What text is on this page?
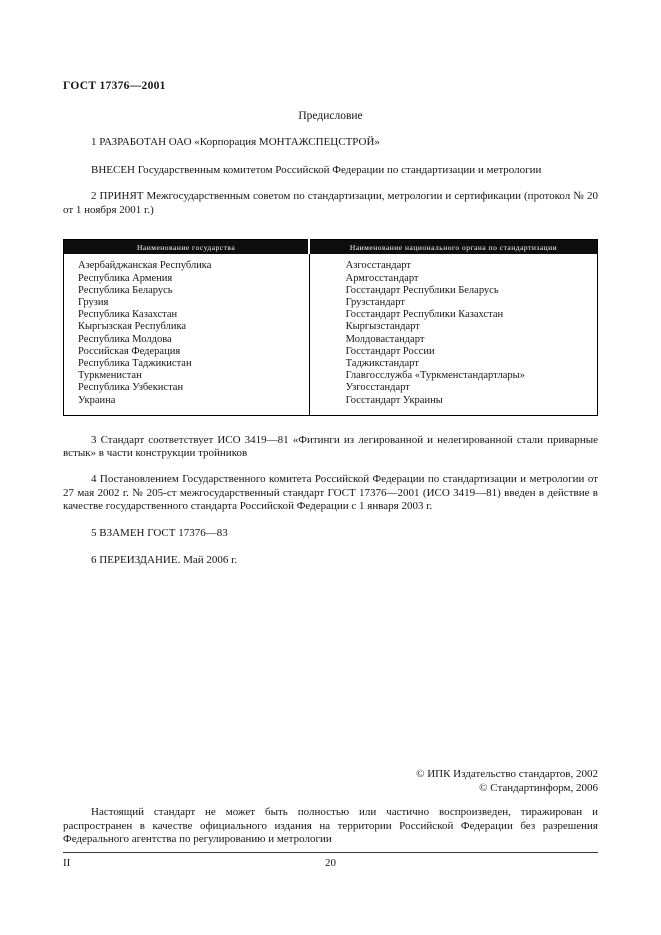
ГОСТ 17376—2001
Предисловие

1 РАЗРАБОТАН ОАО «Корпорация МОНТАЖСПЕЦСТРОЙ»

ВНЕСЕН Государственным комитетом Российской Федерации по стандартизации и метрологии

2 ПРИНЯТ Межгосударственным советом по стандартизации, метрологии и сертификации (протокол № 20 от 1 ноября 2001 г.)

Наименование государства	Наименование национального органа по стандартизации
Азербайджанская Республика	Азгосстандарт
Республика Армения	Армгосстандарт
Республика Беларусь	Госстандарт Республики Беларусь
Грузия	Грузстандарт
Республика Казахстан	Госстандарт Республики Казахстан
Кыргызская Республика	Кыргызстандарт
Республика Молдова	Молдовастандарт
Российская Федерация	Госстандарт России
Республика Таджикистан	Таджикстандарт
Туркменистан	Главгосслужба «Туркменстандартлары»
Республика Узбекистан	Узгосстандарт
Украина	Госстандарт Украины

3 Стандарт соответствует ИСО 3419—81 «Фитинги из легированной и нелегированной стали приварные встык» в части конструкции тройников

4 Постановлением Государственного комитета Российской Федерации по стандартизации и метрологии от 27 мая 2002 г. № 205-ст межгосударственный стандарт ГОСТ 17376—2001 (ИСО 3419—81) введен в действие в качестве государственного стандарта Российской Федерации с 1 января 2003 г.

5 ВЗАМЕН ГОСТ 17376—83

6 ПЕРЕИЗДАНИЕ. Май 2006 г.

© ИПК Издательство стандартов, 2002
© Стандартинформ, 2006

Настоящий стандарт не может быть полностью или частично воспроизведен, тиражирован и распространен в качестве официального издания на территории Российской Федерации без разрешения Федерального агентства по регулированию и метрологии

20
II
